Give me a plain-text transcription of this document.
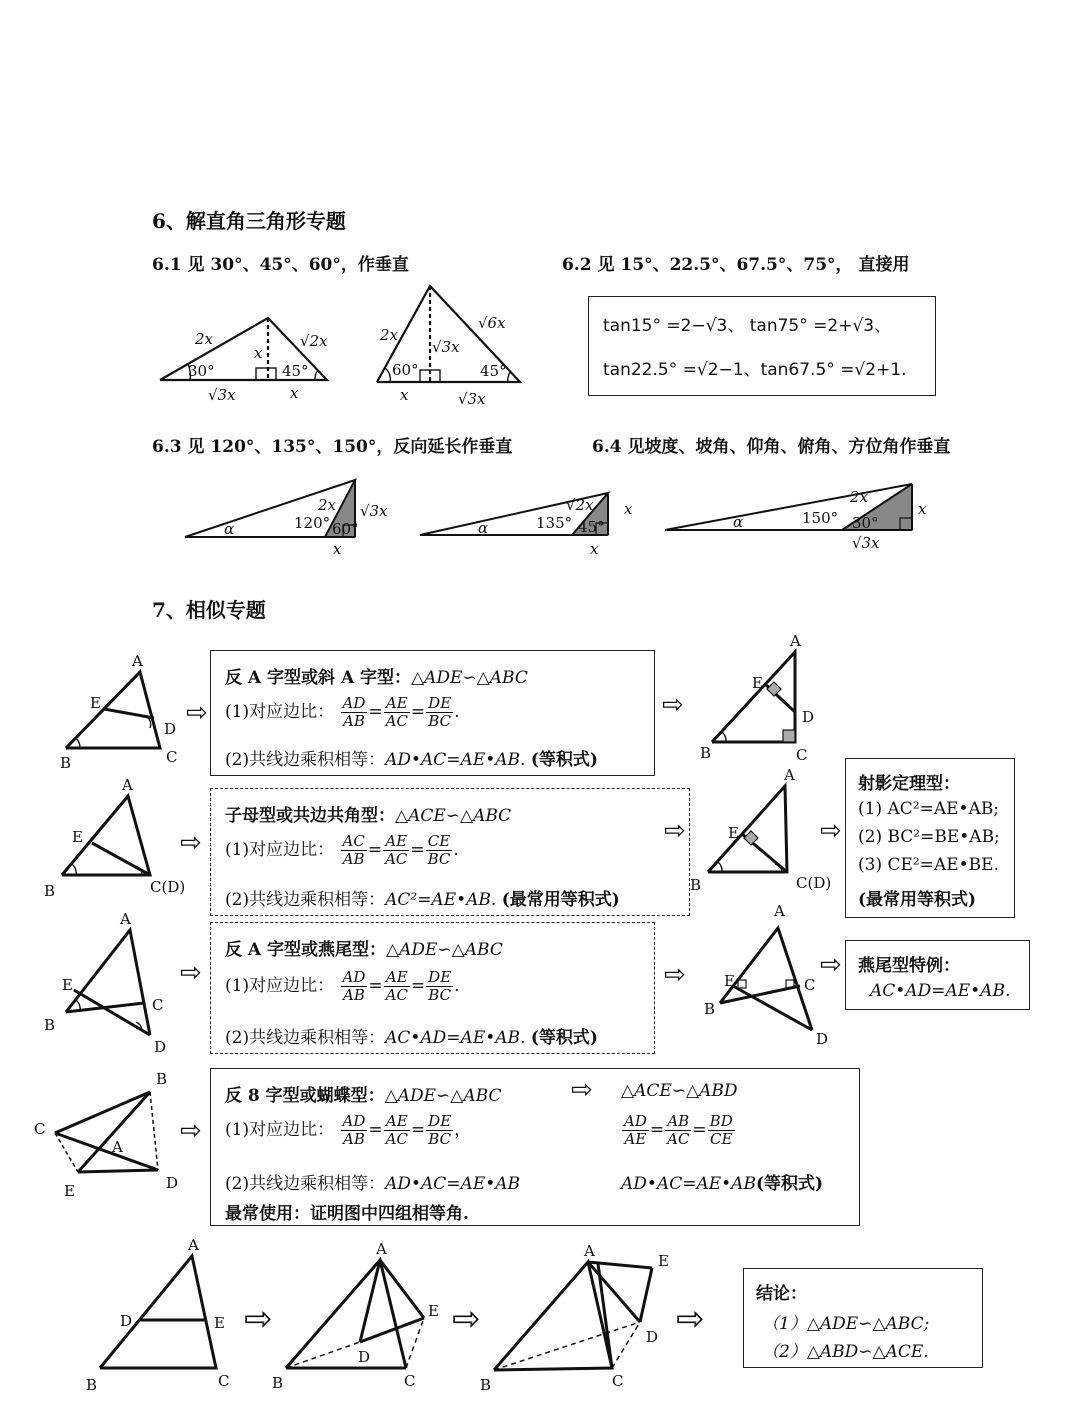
6、解直角三角形专题
6.1 见 30°、45°、60°，作垂直	6.2 见 15°、22.5°、67.5°、75°， 直接用
2x	√2x
x
30°	45°
√3x	x
2x
√6x
√3x
60°	45°
x	√3x
tan15° =2−√3、 tan75° =2+√3、
tan22.5° =√2−1、tan67.5° =√2+1.
6.3 见 120°、135°、150°，反向延长作垂直	6.4 见坡度、坡角、仰角、俯角、方位角作垂直
α	120° 60°
2x √3x
x
α	135° 45°
√2x x
x
α	150° 30°
2x
x
√3x
7、相似专题
A
E
D
B	C
⇨
反 A 字型或斜 A 字型：△ADE∽△ABC
(1)对应边比： $\frac{AD}{AB} = \frac{AE}{AC} = \frac{DE}{BC}$ .
(2)共线边乘积相等：AD•AC=AE•AB. (等积式)
⇨
A
E
D
B	C
A
E
B	C(D)
⇨
子母型或共边共角型：△ACE∽△ABC
(1)对应边比： $\frac{AC}{AB} = \frac{AE}{AC} = \frac{CE}{BC}$ .
(2)共线边乘积相等：AC²=AE•AB. (最常用等积式)
⇨
A
E
B	C(D)
⇨
射影定理型：
(1) AC²=AE•AB;
(2) BC²=BE•AB;
(3) CE²=AE•BE.
(最常用等积式)
A
E
C
B
D
⇨
反 A 字型或燕尾型：△ADE∽△ABC
(1)对应边比： $\frac{AD}{AB} = \frac{AE}{AC} = \frac{DE}{BC}$ .
(2)共线边乘积相等：AC•AD=AE•AB. (等积式)
⇨
A
E	C
B
D
⇨ 燕尾型特例：
AC•AD=AE•AB.
B
C
A
E	D
⇨
反 8 字型或蝴蝶型：△ADE∽△ABC	⇨ △ACE∽△ABD
(1)对应边比： $\frac{AD}{AB} = \frac{AE}{AC} = \frac{DE}{BC}$ ，	$\frac{AD}{AE} = \frac{AB}{AC} = \frac{BD}{CE}$
(2)共线边乘积相等：AD•AC=AE•AB	AD•AC=AE•AB(等积式)
最常使用：证明图中四组相等角.
A
D	E
B	C
A
E
D
B	C
A
E
D
B	C
⇨	⇨	⇨
结论：
（1）△ADE∽△ABC;
（2）△ABD∽△ACE.
